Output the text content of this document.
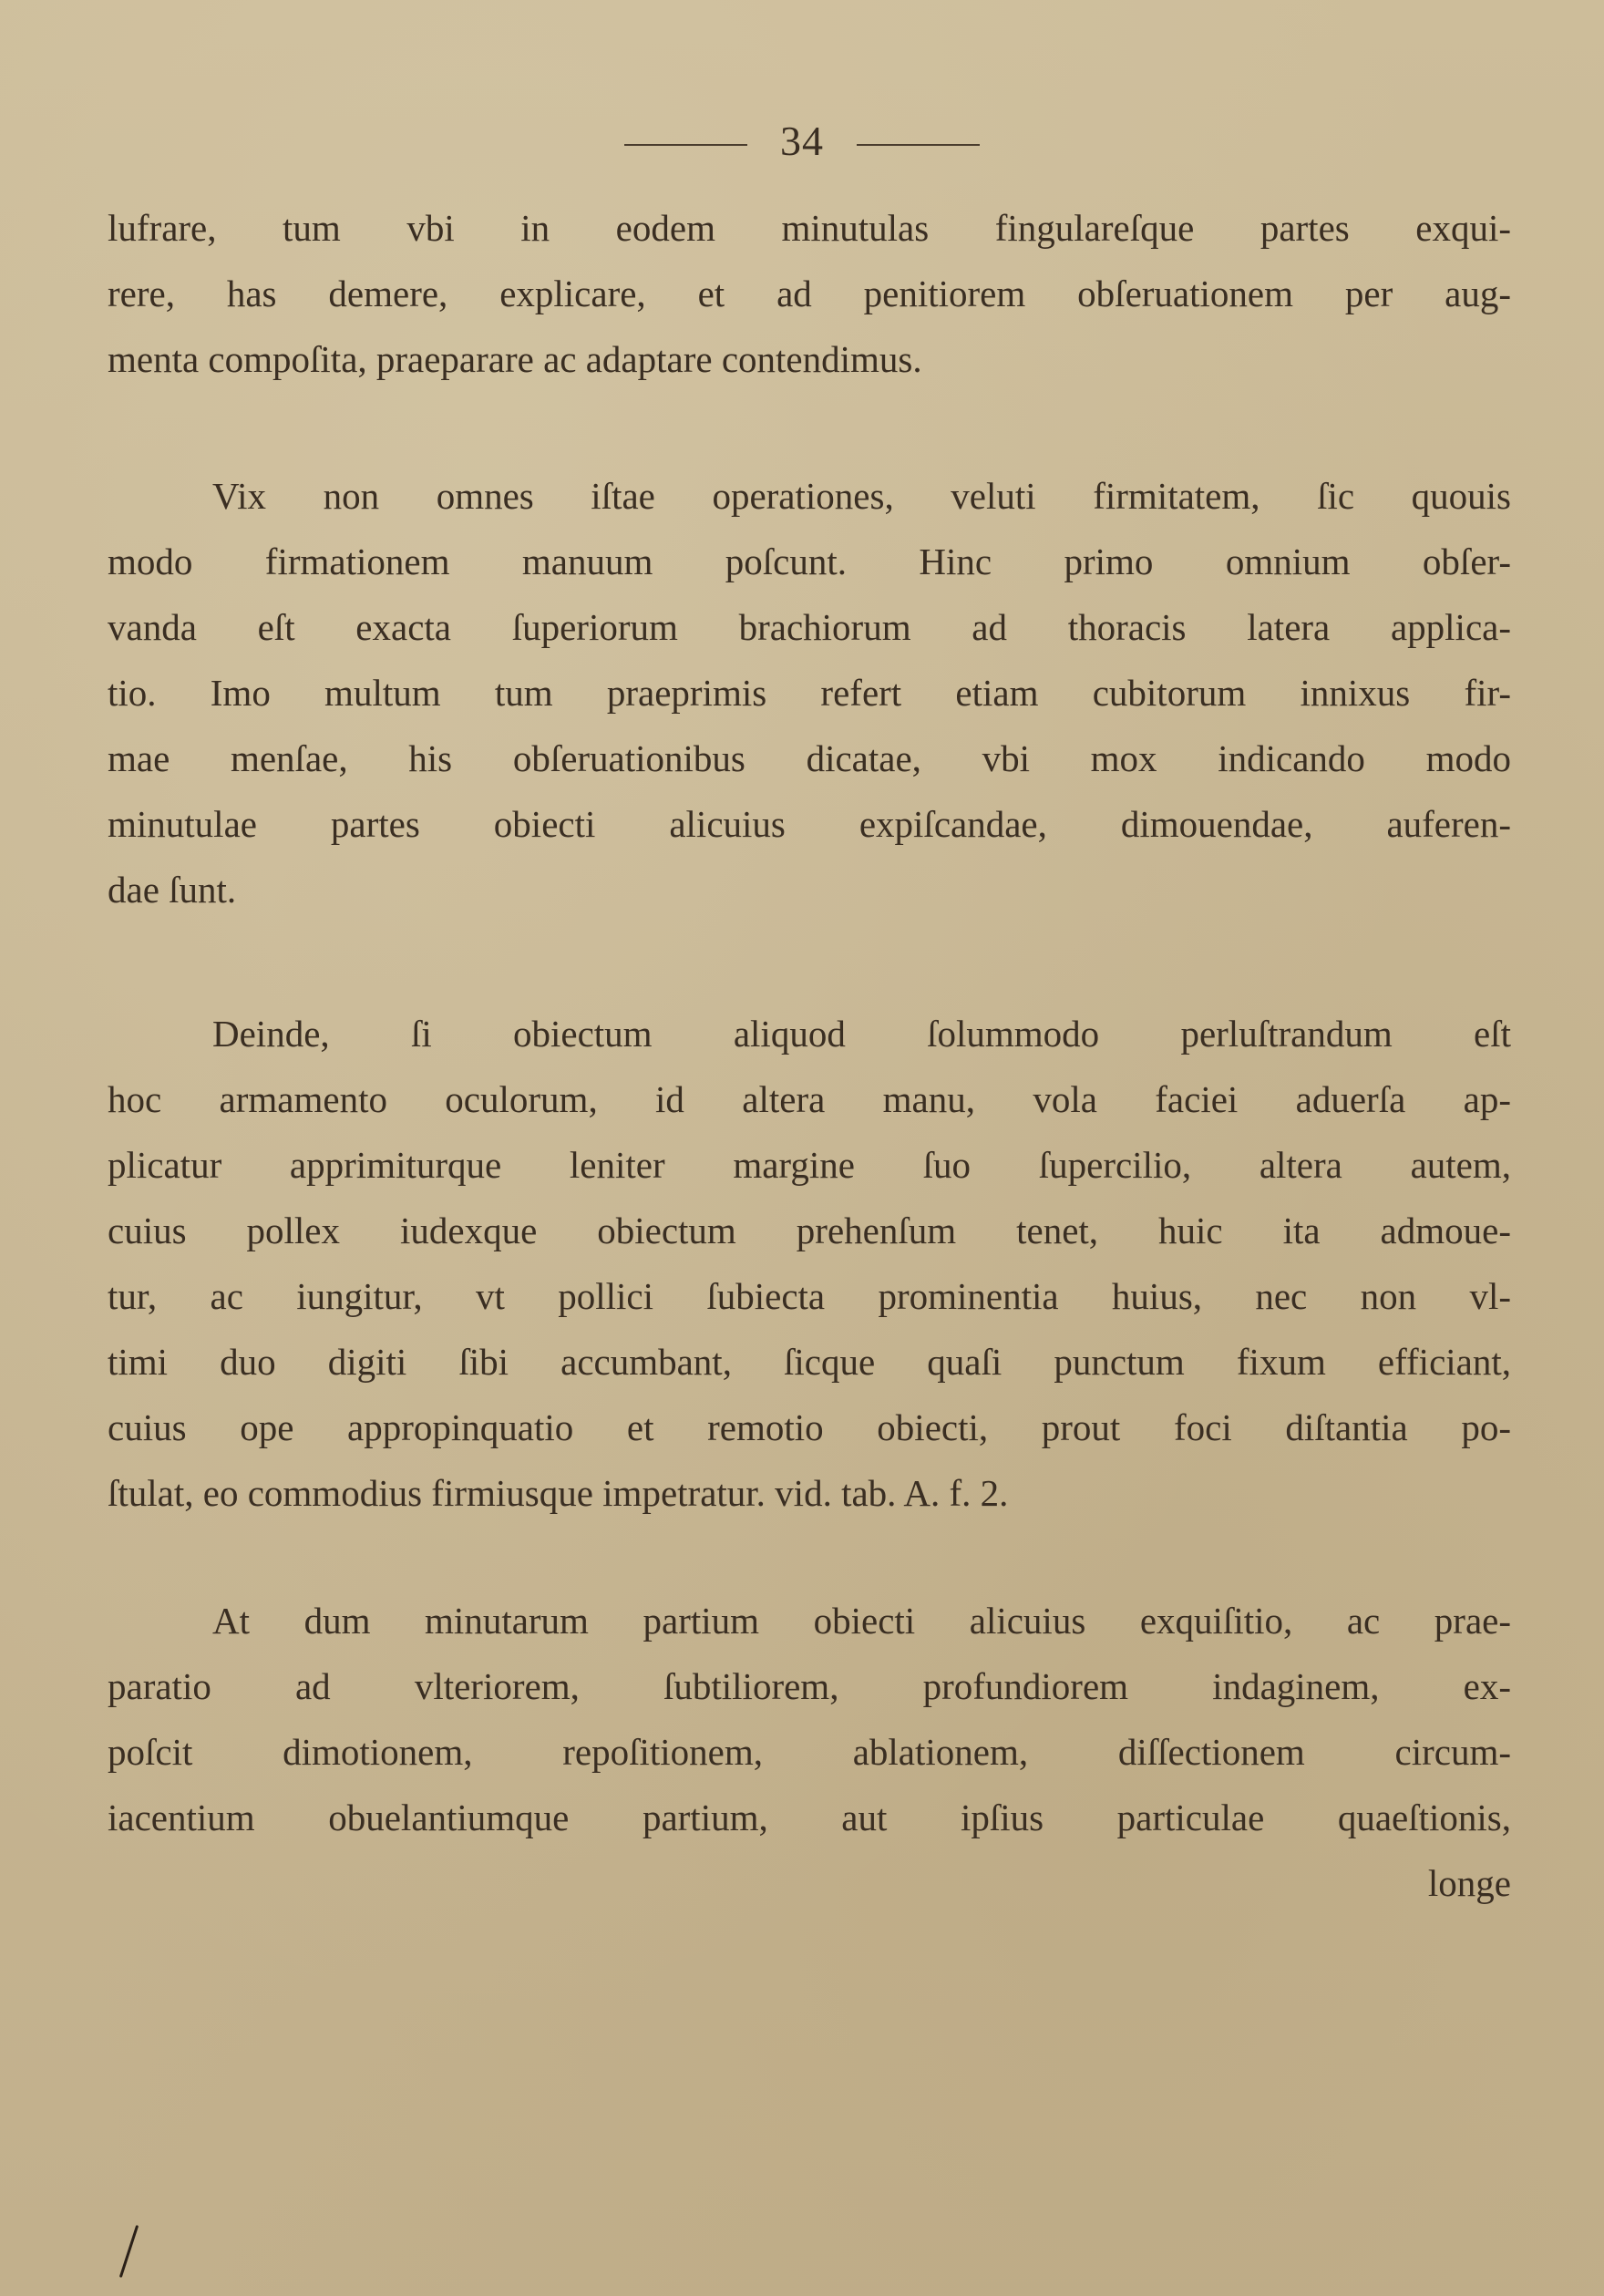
34
lufrare, tum vbi in eodem minutulas fingulareſque partes exqui-
rere, has demere, explicare, et ad penitiorem obſeruationem per aug-
menta compoſita, praeparare ac adaptare contendimus.
Vix non omnes iſtae operationes, veluti firmitatem, ſic quouis
modo firmationem manuum poſcunt. Hinc primo omnium obſer-
vanda eſt exacta ſuperiorum brachiorum ad thoracis latera applica-
tio. Imo multum tum praeprimis refert etiam cubitorum innixus fir-
mae menſae, his obſeruationibus dicatae, vbi mox indicando modo
minutulae partes obiecti alicuius expiſcandae, dimouendae, auferen-
dae ſunt.
Deinde, ſi obiectum aliquod ſolummodo perluſtrandum eſt
hoc armamento oculorum, id altera manu, vola faciei aduerſa ap-
plicatur apprimiturque leniter margine ſuo ſupercilio, altera autem,
cuius pollex iudexque obiectum prehenſum tenet, huic ita admoue-
tur, ac iungitur, vt pollici ſubiecta prominentia huius, nec non vl-
timi duo digiti ſibi accumbant, ſicque quaſi punctum fixum efficiant,
cuius ope appropinquatio et remotio obiecti, prout foci diſtantia po-
ſtulat, eo commodius firmiusque impetratur. vid. tab. A. f. 2.
At dum minutarum partium obiecti alicuius exquiſitio, ac prae-
paratio ad vlteriorem, ſubtiliorem, profundiorem indaginem, ex-
poſcit dimotionem, repoſitionem, ablationem, diſſectionem circum-
iacentium obuelantiumque partium, aut ipſius particulae quaeſtionis,
longe
